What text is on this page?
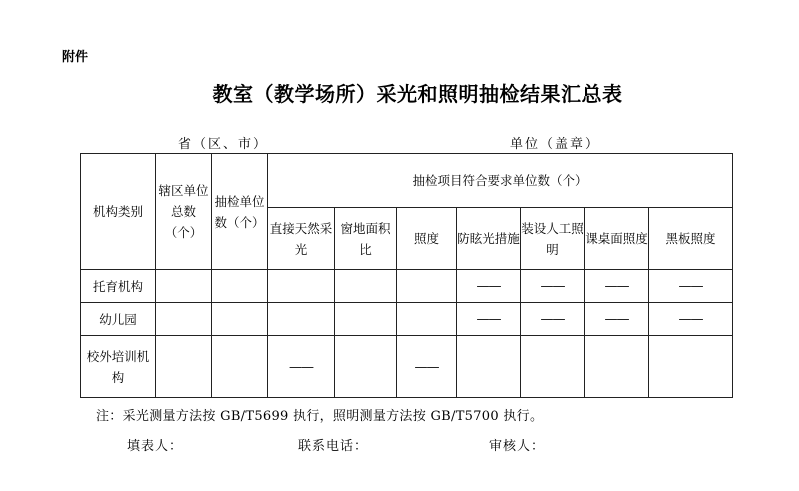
附件
教室（教学场所）采光和照明抽检结果汇总表
省（区、市）	单位（盖章）
机构类别	辖区单位总数（个）	抽检单位数（个）	抽检项目符合要求单位数（个）						
			直接天然采光	窗地面积比	照度	防眩光措施	装设人工照明	课桌面照度	黑板照度
托育机构						——	——	——	——
幼儿园						——	——	——	——
校外培训机构			——		——				
注：采光测量方法按 GB/T5699 执行，照明测量方法按 GB/T5700 执行。
填表人：	联系电话：	审核人：
